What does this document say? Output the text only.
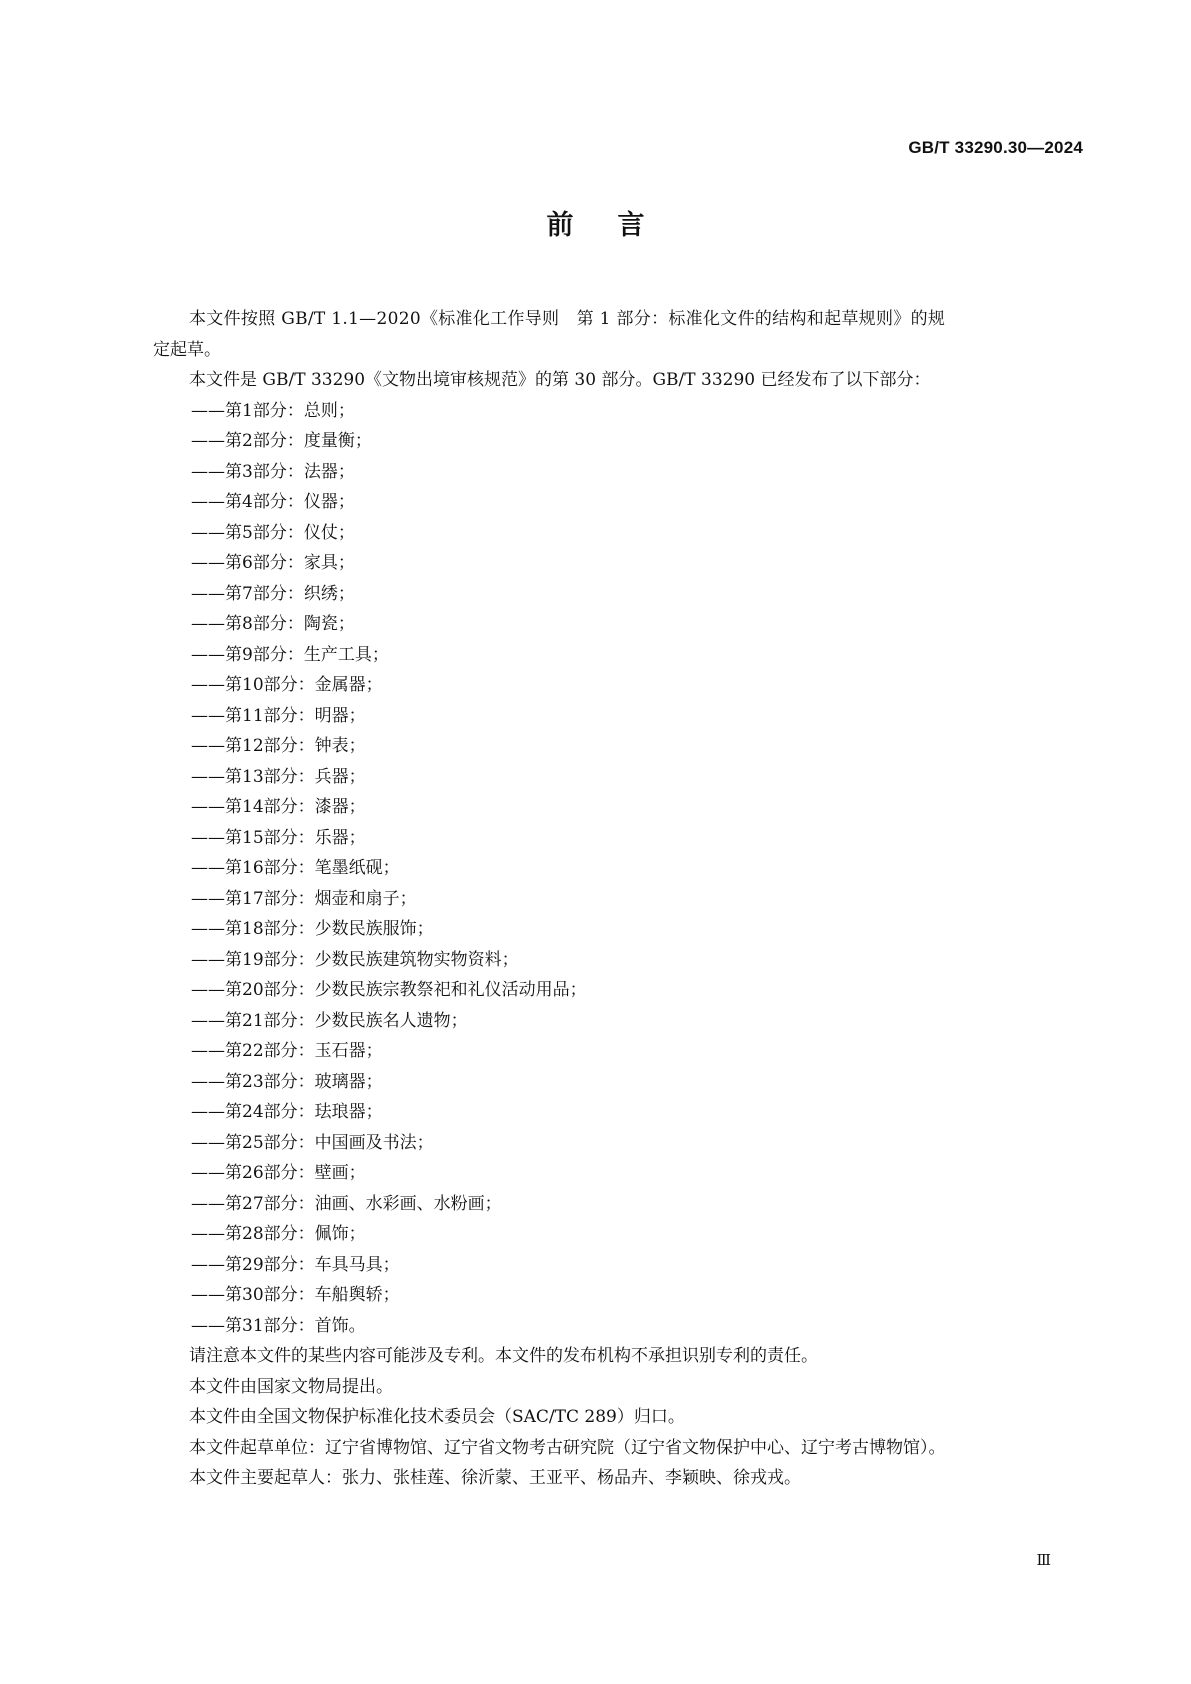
GB/T 33290.30—2024
前言
本文件按照 GB/T 1.1—2020《标准化工作导则　第 1 部分：标准化文件的结构和起草规则》的规
定起草。
本文件是 GB/T 33290《文物出境审核规范》的第 30 部分。GB/T 33290 已经发布了以下部分：
——第1部分：总则；
——第2部分：度量衡；
——第3部分：法器；
——第4部分：仪器；
——第5部分：仪仗；
——第6部分：家具；
——第7部分：织绣；
——第8部分：陶瓷；
——第9部分：生产工具；
——第10部分：金属器；
——第11部分：明器；
——第12部分：钟表；
——第13部分：兵器；
——第14部分：漆器；
——第15部分：乐器；
——第16部分：笔墨纸砚；
——第17部分：烟壶和扇子；
——第18部分：少数民族服饰；
——第19部分：少数民族建筑物实物资料；
——第20部分：少数民族宗教祭祀和礼仪活动用品；
——第21部分：少数民族名人遗物；
——第22部分：玉石器；
——第23部分：玻璃器；
——第24部分：珐琅器；
——第25部分：中国画及书法；
——第26部分：壁画；
——第27部分：油画、水彩画、水粉画；
——第28部分：佩饰；
——第29部分：车具马具；
——第30部分：车船舆轿；
——第31部分：首饰。
请注意本文件的某些内容可能涉及专利。本文件的发布机构不承担识别专利的责任。
本文件由国家文物局提出。
本文件由全国文物保护标准化技术委员会（SAC/TC 289）归口。
本文件起草单位：辽宁省博物馆、辽宁省文物考古研究院（辽宁省文物保护中心、辽宁考古博物馆）。
本文件主要起草人：张力、张桂莲、徐沂蒙、王亚平、杨品卉、李颖映、徐戎戎。
Ⅲ
